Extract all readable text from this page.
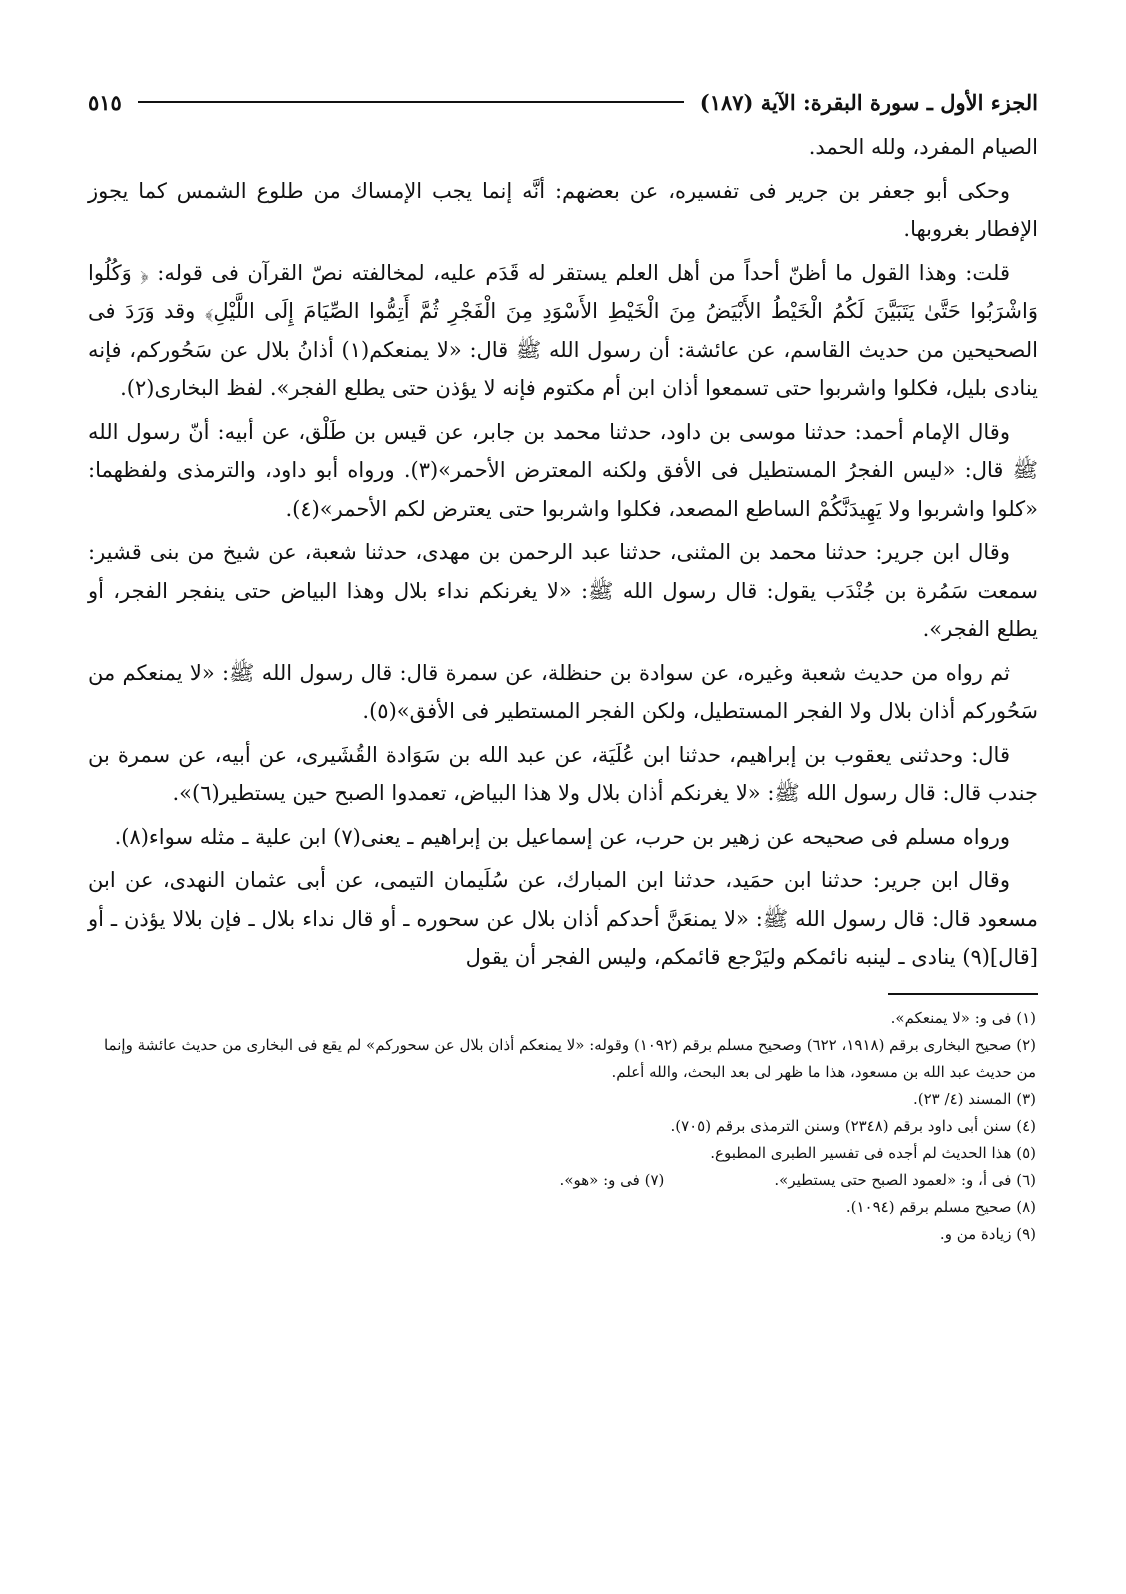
الجزء الأول ـ سورة البقرة: الآية (١٨٧)
٥١٥

الصيام المفرد، ولله الحمد.

وحكى أبو جعفر بن جرير فى تفسيره، عن بعضهم: أنَّه إنما يجب الإمساك من طلوع الشمس كما يجوز الإفطار بغروبها.

قلت: وهذا القول ما أظنّ أحداً من أهل العلم يستقر له قَدَم عليه، لمخالفته نصّ القرآن فى قوله: ﴿ وَكُلُوا وَاشْرَبُوا حَتَّىٰ يَتَبَيَّنَ لَكُمُ الْخَيْطُ الأَبْيَضُ مِنَ الْخَيْطِ الأَسْوَدِ مِنَ الْفَجْرِ ثُمَّ أَتِمُّوا الصِّيَامَ إِلَى اللَّيْلِ﴾ وقد وَرَدَ فى الصحيحين من حديث القاسم، عن عائشة: أن رسول الله ﷺ قال: «لا يمنعكم(١) أذانُ بلال عن سَحُوركم، فإنه ينادى بليل، فكلوا واشربوا حتى تسمعوا أذان ابن أم مكتوم فإنه لا يؤذن حتى يطلع الفجر». لفظ البخارى(٢).

وقال الإمام أحمد: حدثنا موسى بن داود، حدثنا محمد بن جابر، عن قيس بن طَلْق، عن أبيه: أنّ رسول الله ﷺ قال: «ليس الفجرُ المستطيل فى الأفق ولكنه المعترض الأحمر»(٣). ورواه أبو داود، والترمذى ولفظهما: «كلوا واشربوا ولا يَهِيدَنَّكُمْ الساطع المصعد، فكلوا واشربوا حتى يعترض لكم الأحمر»(٤).

وقال ابن جرير: حدثنا محمد بن المثنى، حدثنا عبد الرحمن بن مهدى، حدثنا شعبة، عن شيخ من بنى قشير: سمعت سَمُرة بن جُنْدَب يقول: قال رسول الله ﷺ: «لا يغرنكم نداء بلال وهذا البياض حتى ينفجر الفجر، أو يطلع الفجر».

ثم رواه من حديث شعبة وغيره، عن سوادة بن حنظلة، عن سمرة قال: قال رسول الله ﷺ: «لا يمنعكم من سَحُوركم أذان بلال ولا الفجر المستطيل، ولكن الفجر المستطير فى الأفق»(٥).

قال: وحدثنى يعقوب بن إبراهيم، حدثنا ابن عُلَيَة، عن عبد الله بن سَوَادة القُشَيرى، عن أبيه، عن سمرة بن جندب قال: قال رسول الله ﷺ: «لا يغرنكم أذان بلال ولا هذا البياض، تعمدوا الصبح حين يستطير(٦)».

ورواه مسلم فى صحيحه عن زهير بن حرب، عن إسماعيل بن إبراهيم ـ يعنى(٧) ابن علية ـ مثله سواء(٨).

وقال ابن جرير: حدثنا ابن حمَيد، حدثنا ابن المبارك، عن سُلَيمان التيمى، عن أبى عثمان النهدى، عن ابن مسعود قال: قال رسول الله ﷺ: «لا يمنعَنَّ أحدكم أذان بلال عن سحوره ـ أو قال نداء بلال ـ فإن بلالا يؤذن ـ أو [قال](٩) ينادى ـ لينبه نائمكم وليَرْجع قائمكم، وليس الفجر أن يقول

(١) فى و: «لا يمنعكم».

(٢) صحيح البخارى برقم (١٩١٨، ٦٢٢) وصحيح مسلم برقم (١٠٩٢) وقوله: «لا يمنعكم أذان بلال عن سحوركم» لم يقع فى البخارى من حديث عائشة وإنما من حديث عبد الله بن مسعود، هذا ما ظهر لى بعد البحث، والله أعلم.

(٣) المسند (٤/ ٢٣).

(٤) سنن أبى داود برقم (٢٣٤٨) وسنن الترمذى برقم (٧٠٥).

(٥) هذا الحديث لم أجده فى تفسير الطبرى المطبوع.

(٦) فى أ، و: «لعمود الصبح حتى يستطير».
(٧) فى و: «هو».

(٨) صحيح مسلم برقم (١٠٩٤).

(٩) زيادة من و.
